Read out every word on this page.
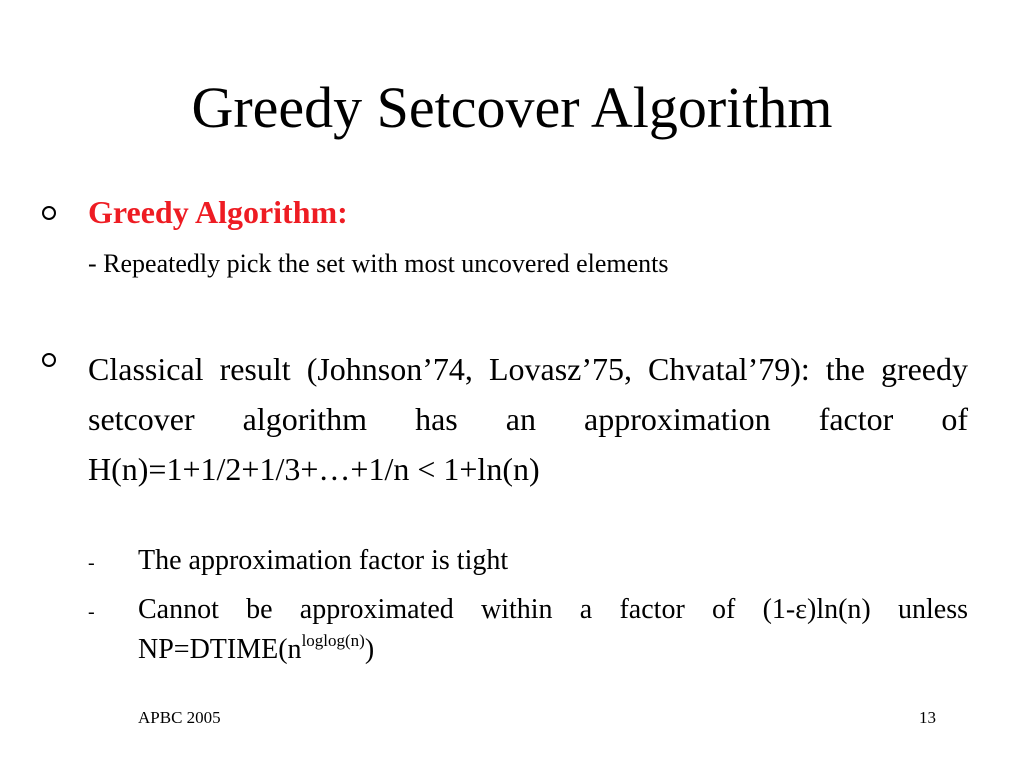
Greedy Setcover Algorithm
Greedy Algorithm:
- Repeatedly pick the set with most uncovered elements
Classical result (Johnson’74, Lovasz’75, Chvatal’79): the greedy setcover algorithm has an approximation factor of H(n)=1+1/2+1/3+…+1/n < 1+ln(n)
- The approximation factor is tight
- Cannot be approximated within a factor of (1-ε)ln(n) unless $NP=DTIME(n^{loglog(n)})$
APBC 2005	13
